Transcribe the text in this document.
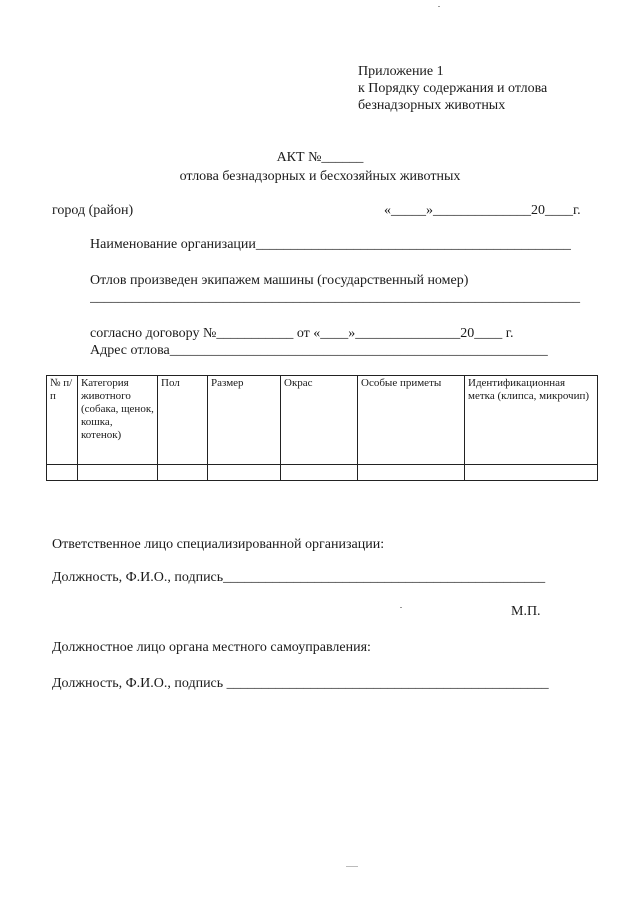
Приложение 1
к Порядку содержания и отлова
безнадзорных животных
АКТ №______
отлова безнадзорных и бесхозяйных животных
город (район)	«_____»______________20____г.
Наименование организации_____________________________________________
Отлов произведен экипажем машины (государственный номер)
______________________________________________________________________
согласно договору №___________ от «____»_______________20____ г.
Адрес отлова______________________________________________________
№ п/п	Категория животного (собака, щенок, кошка, котенок)	Пол	Размер	Окрас	Особые приметы	Идентификационная метка (клипса, микрочип)

Ответственное лицо специализированной организации:
Должность, Ф.И.О., подпись______________________________________________
М.П.
Должностное лицо органа местного самоуправления:
Должность, Ф.И.О., подпись ______________________________________________
